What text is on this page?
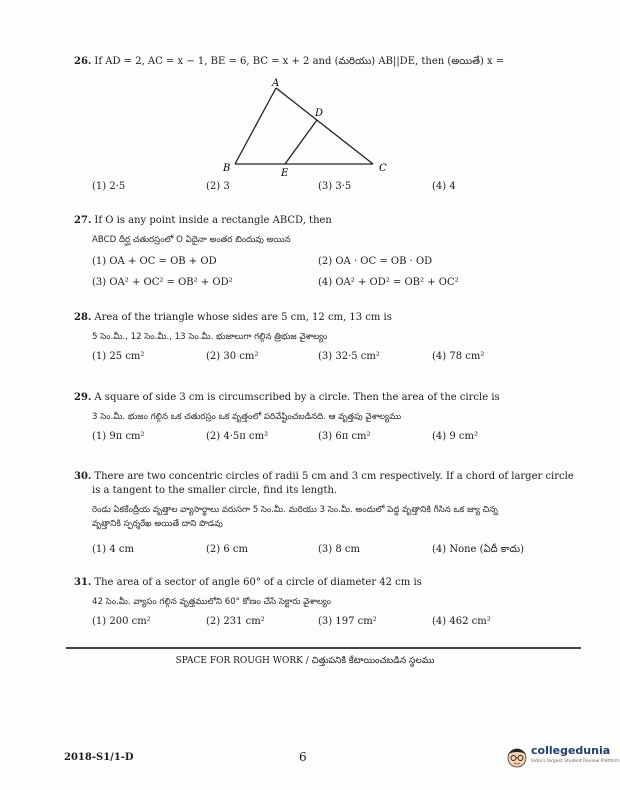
26. If AD = 2, AC = x − 1, BE = 6, BC = x + 2 and (మరియు) AB||DE, then (అయితే) x =
A
D
B	E	C
(1) 2·5	(2) 3	(3) 3·5	(4) 4
27. If O is any point inside a rectangle ABCD, then
ABCD దీర్ఘ చతురస్రంలో O ఏదైనా అంతర బిందువు అయిన
(1) OA + OC = OB + OD	(2) OA · OC = OB · OD
(3) OA² + OC² = OB² + OD²	(4) OA² + OD² = OB² + OC²
28. Area of the triangle whose sides are 5 cm, 12 cm, 13 cm is
5 సెం.మీ., 12 సెం.మీ., 13 సెం.మీ. భుజాలుగా గల్గిన త్రిభుజ వైశాల్యం
(1) 25 cm²	(2) 30 cm²	(3) 32·5 cm²	(4) 78 cm²
29. A square of side 3 cm is circumscribed by a circle. Then the area of the circle is
3 సెం.మీ. భుజం గల్గిన ఒక చతురస్రం ఒక వృత్తంలో పరివేష్టించబడినది. ఆ వృత్తపు వైశాల్యము
(1) 9π cm²	(2) 4·5π cm²	(3) 6π cm²	(4) 9 cm²
30. There are two concentric circles of radii 5 cm and 3 cm respectively. If a chord of larger circle
is a tangent to the smaller circle, find its length.
రెండు ఏకకేంద్రీయ వృత్తాల వ్యాసార్థాలు వరుసగా 5 సెం.మీ. మరియు 3 సెం.మీ. అందులో పెద్ద వృత్తానికి గీసిన ఒక జ్యా చిన్న
వృత్తానికి స్పర్శరేఖ అయితే దాని పొడవు
(1) 4 cm	(2) 6 cm	(3) 8 cm	(4) None (ఏదీ కాదు)
31. The area of a sector of angle 60° of a circle of diameter 42 cm is
42 సెం.మీ. వ్యాసం గల్గిన వృత్తములోని 60° కోణం చేసే సెక్టారు వైశాల్యం
(1) 200 cm²	(2) 231 cm²	(3) 197 cm²	(4) 462 cm²
SPACE FOR ROUGH WORK / చిత్తుపనికి కేటాయించబడిన స్థలము
2018-S1/1-D	6	collegedunia
India's largest Student Review Platform
